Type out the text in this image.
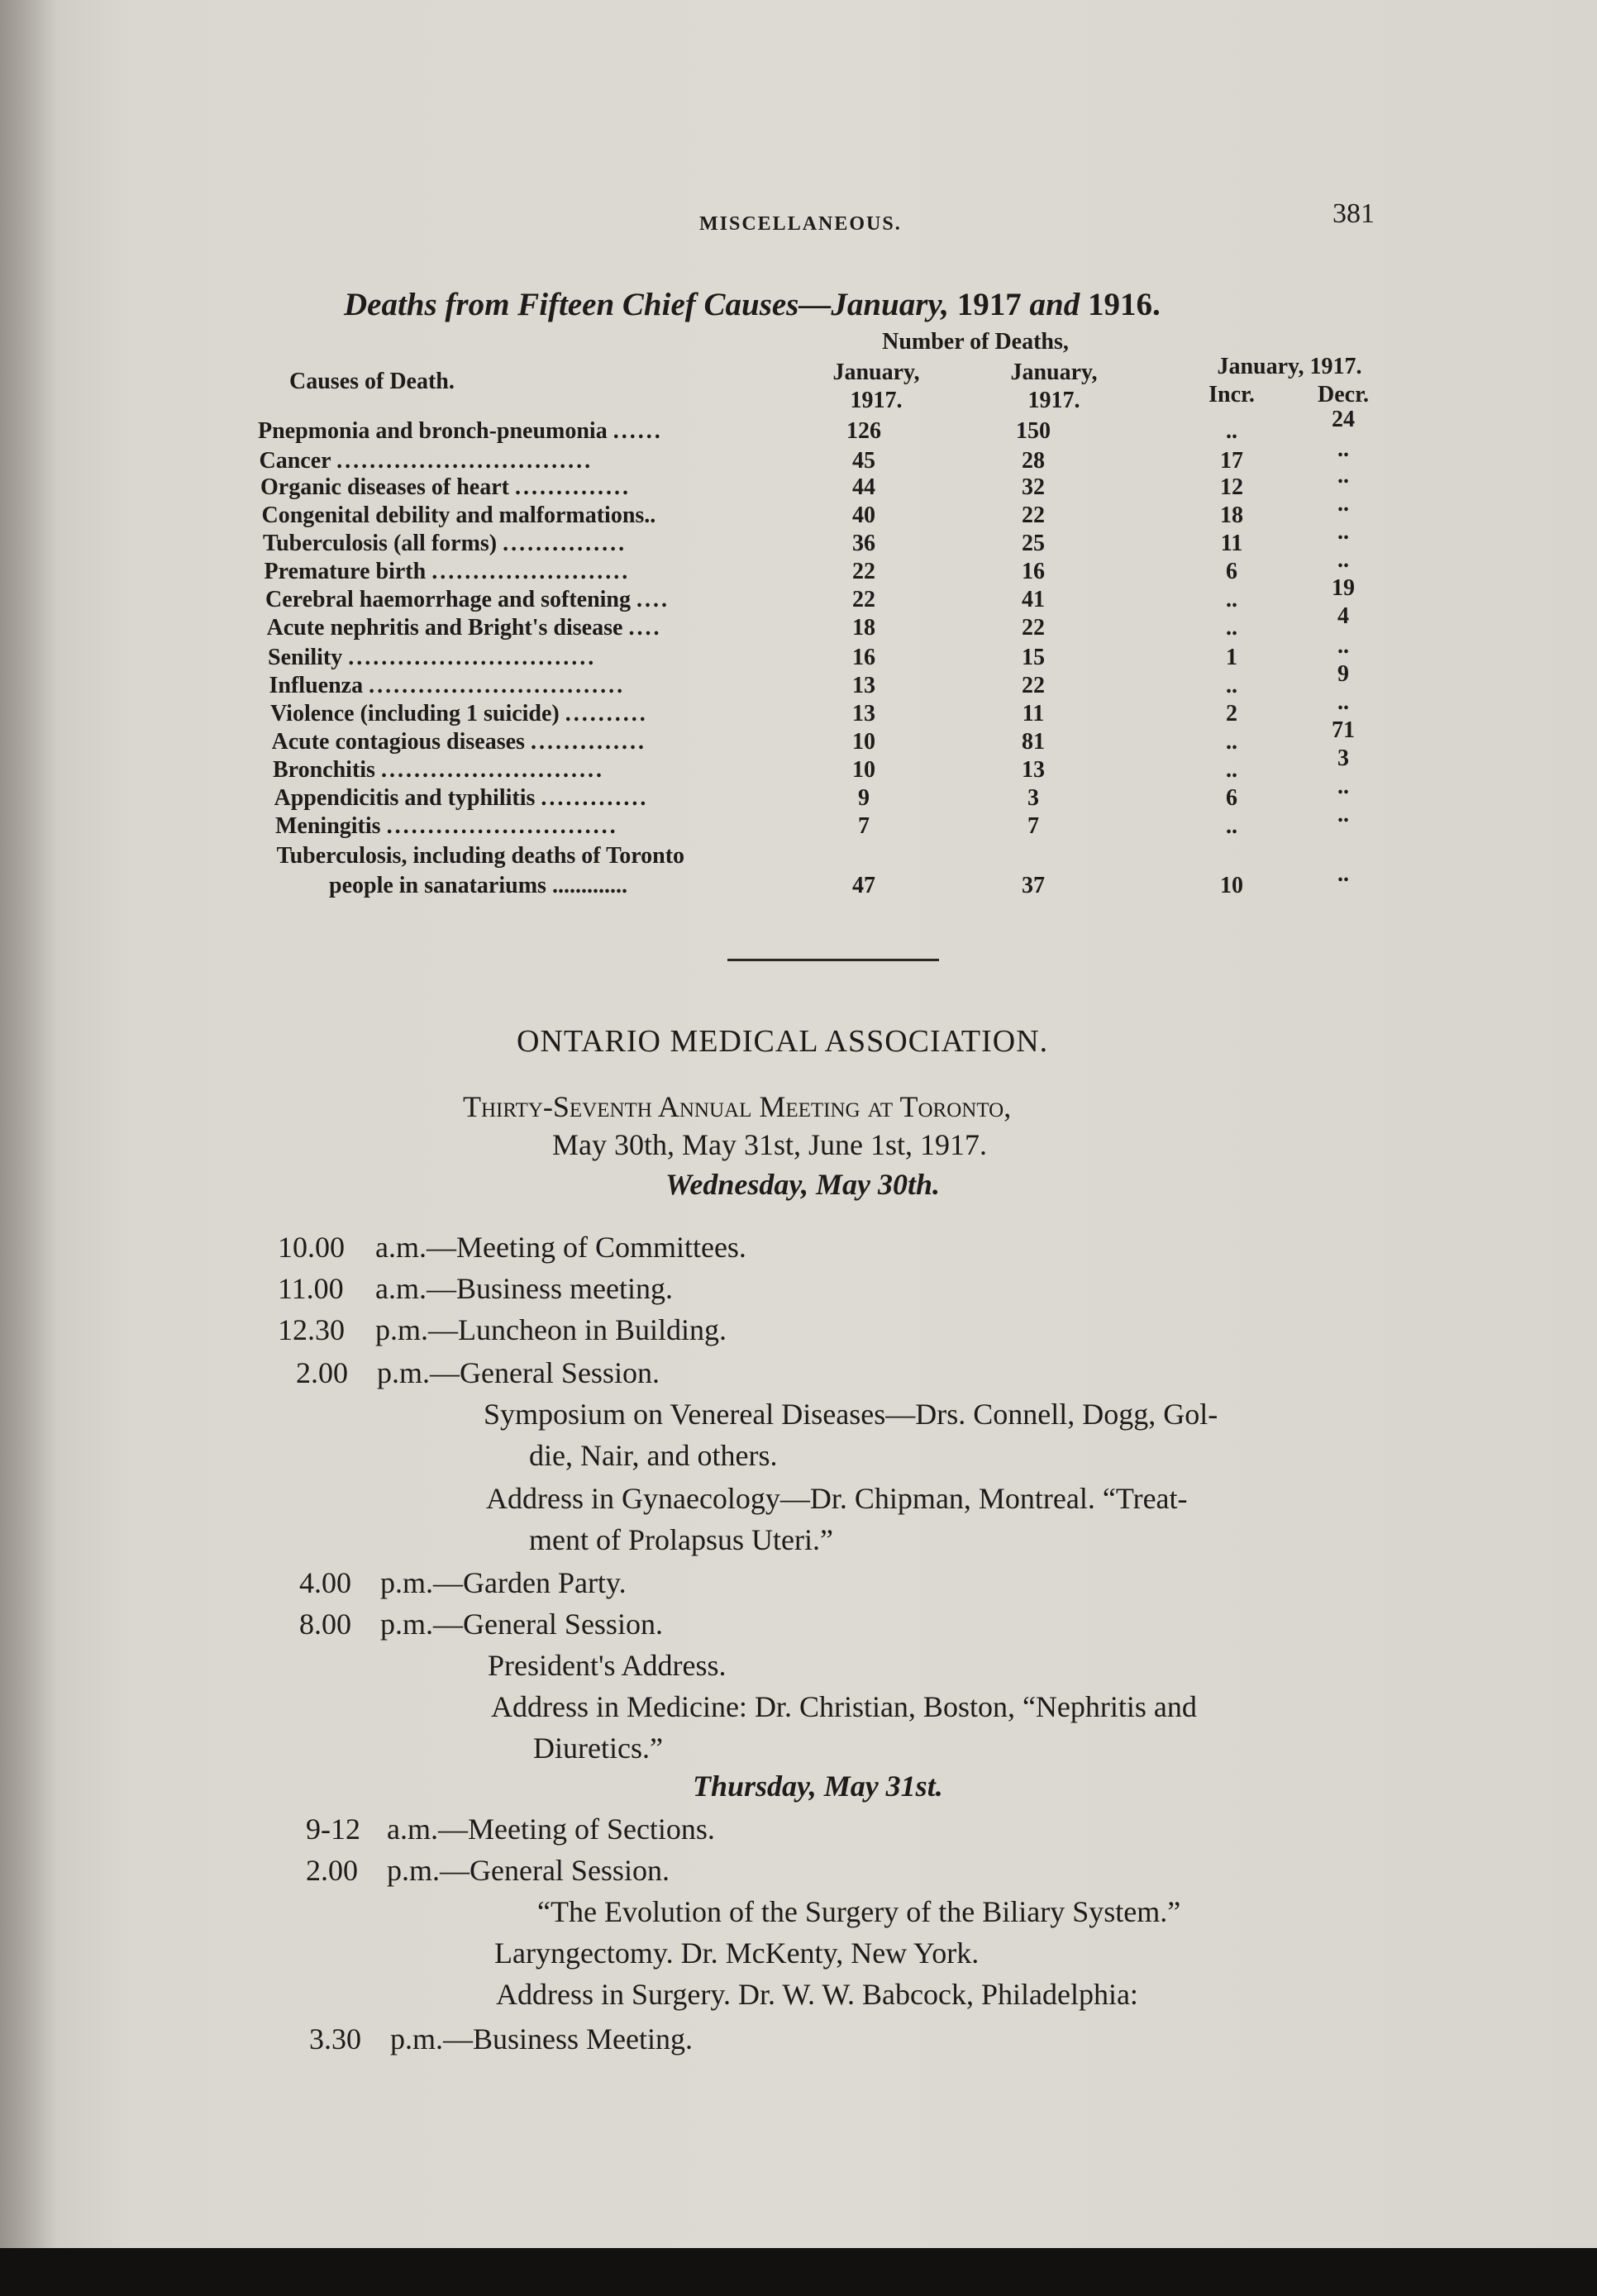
MISCELLANEOUS.	381
Deaths from Fifteen Chief Causes—January, 1917 and 1916.
Causes of Death.
Number of Deaths,
January,
1917.
January,
1917.
January, 1917.
Incr.	Decr.
Pnepmonia and bronch-pneumonia ......	126	150	..	24
Cancer ...............................	45	28	17	..
Organic diseases of heart ..............	44	32	12	..
Congenital debility and malformations..	40	22	18	..
Tuberculosis (all forms) ...............	36	25	11	..
Premature birth ........................	22	16	6	..
Cerebral haemorrhage and softening ....	22	41	..	19
Acute nephritis and Bright's disease ....	18	22	..	4
Senility ..............................	16	15	1	..
Influenza ...............................	13	22	..	9
Violence (including 1 suicide) ..........	13	11	2	..
Acute contagious diseases ..............	10	81	..	71
Bronchitis ...........................	10	13	..	3
Appendicitis and typhilitis .............	9	3	6	..
Meningitis ............................	7	7	..	..
Tuberculosis, including deaths of Toronto
people in sanatariums .............	47	37	10	..
ONTARIO MEDICAL ASSOCIATION.
Thirty-Seventh Annual Meeting at Toronto,
May 30th, May 31st, June 1st, 1917.
Wednesday, May 30th.
10.00 a.m.—Meeting of Committees.
11.00 a.m.—Business meeting.
12.30 p.m.—Luncheon in Building.
2.00 p.m.—General Session.
Symposium on Venereal Diseases—Drs. Connell, Dogg, Gol-
die, Nair, and others.
Address in Gynaecology—Dr. Chipman, Montreal. “Treat-
ment of Prolapsus Uteri.”
4.00 p.m.—Garden Party.
8.00 p.m.—General Session.
President's Address.
Address in Medicine: Dr. Christian, Boston, “Nephritis and
Diuretics.”
9-12 a.m.—Meeting of Sections.
2.00 p.m.—General Session.
“The Evolution of the Surgery of the Biliary System.”
Laryngectomy. Dr. McKenty, New York.
Address in Surgery. Dr. W. W. Babcock, Philadelphia:
3.30 p.m.—Business Meeting.
Thursday, May 31st.
